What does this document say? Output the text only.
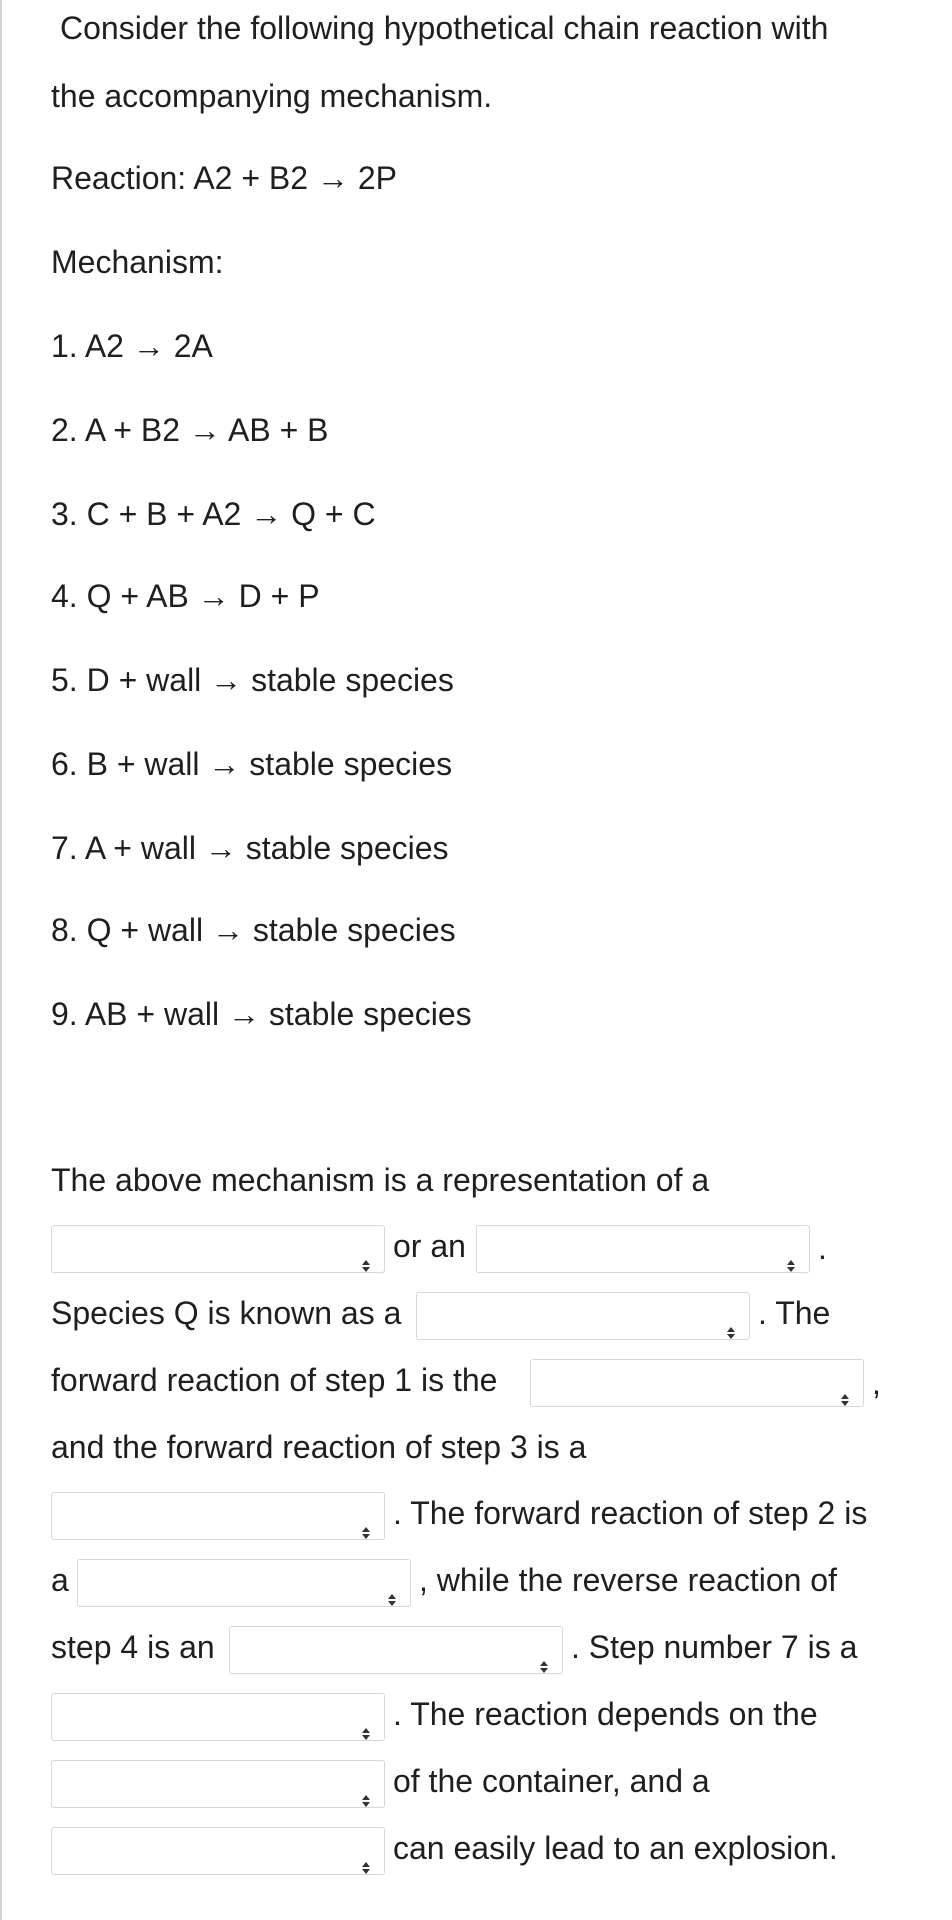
Consider the following hypothetical chain reaction with
the accompanying mechanism.
Reaction: A2 + B2 → 2P
Mechanism:
1. A2 → 2A
2. A + B2 → AB + B
3. C + B + A2 → Q + C
4. Q + AB → D + P
5. D + wall → stable species
6. B + wall → stable species
7. A + wall → stable species
8. Q + wall → stable species
9. AB + wall → stable species
The above mechanism is a representation of a
or an	.
Species Q is known as a	. The
forward reaction of step 1 is the	,
and the forward reaction of step 3 is a
. The forward reaction of step 2 is
a	, while the reverse reaction of
step 4 is an	. Step number 7 is a
. The reaction depends on the
of the container, and a
can easily lead to an explosion.
